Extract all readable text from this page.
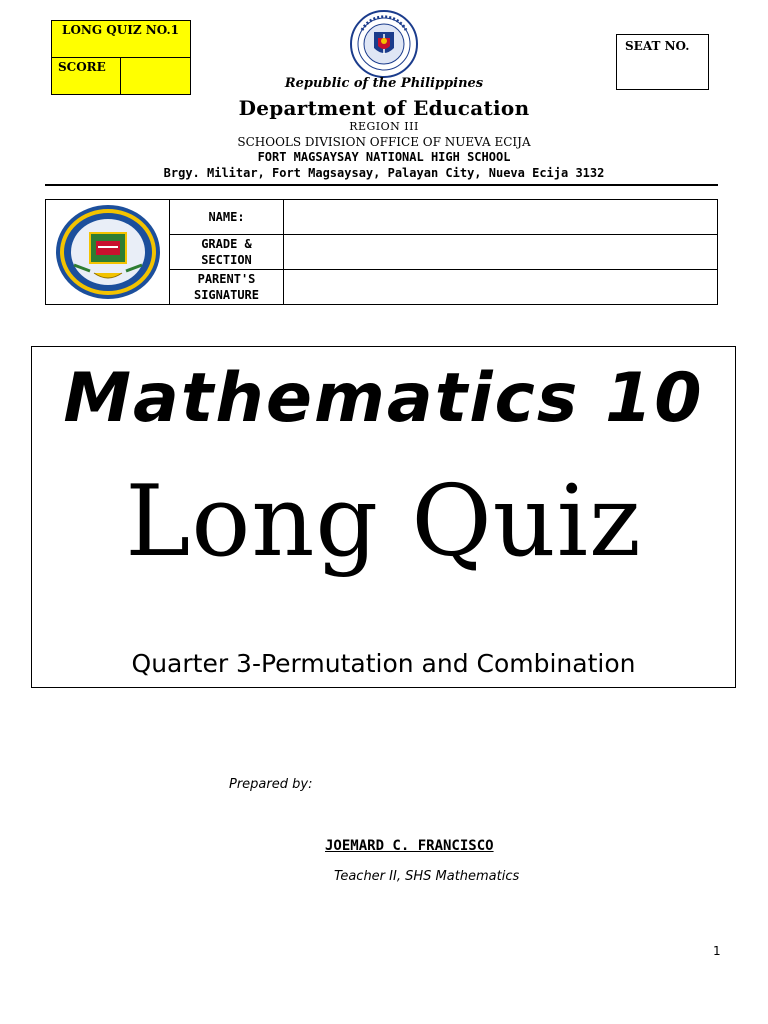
LONG QUIZ NO.1
SCORE
SEAT NO.
Republic of the Philippines
Department of Education
REGION III
SCHOOLS DIVISION OFFICE OF NUEVA ECIJA
FORT MAGSAYSAY NATIONAL HIGH SCHOOL
Brgy. Militar, Fort Magsaysay, Palayan City, Nueva Ecija 3132
NAME:
GRADE &
SECTION
PARENT'S
SIGNATURE
Mathematics 10
Long Quiz
Quarter 3-Permutation and Combination
Prepared by:
JOEMARD C. FRANCISCO
Teacher II, SHS Mathematics
1
